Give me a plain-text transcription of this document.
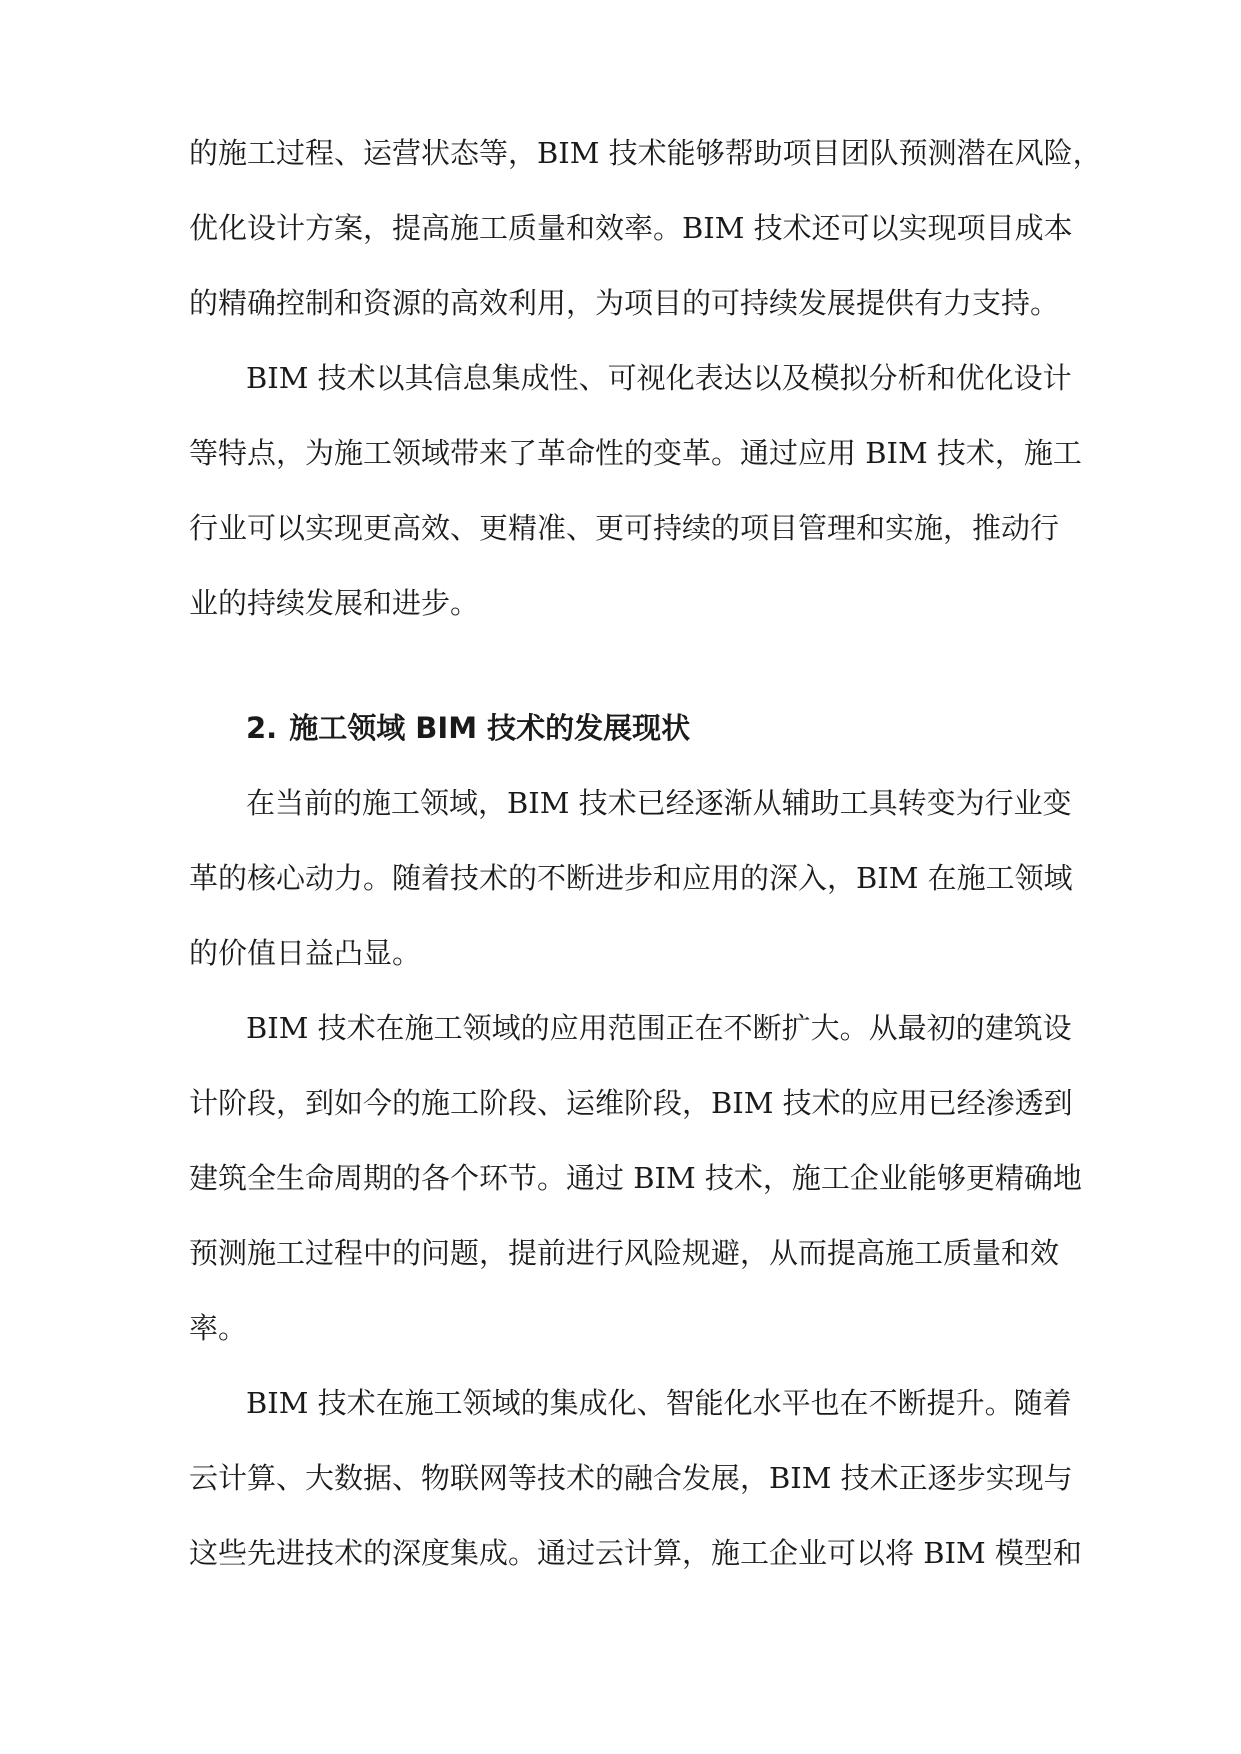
的施工过程、运营状态等，BIM 技术能够帮助项目团队预测潜在风险，
优化设计方案，提高施工质量和效率。BIM 技术还可以实现项目成本
的精确控制和资源的高效利用，为项目的可持续发展提供有力支持。
BIM 技术以其信息集成性、可视化表达以及模拟分析和优化设计
等特点，为施工领域带来了革命性的变革。通过应用 BIM 技术，施工
行业可以实现更高效、更精准、更可持续的项目管理和实施，推动行
业的持续发展和进步。
2. 施工领域 BIM 技术的发展现状
在当前的施工领域，BIM 技术已经逐渐从辅助工具转变为行业变
革的核心动力。随着技术的不断进步和应用的深入，BIM 在施工领域
的价值日益凸显。
BIM 技术在施工领域的应用范围正在不断扩大。从最初的建筑设
计阶段，到如今的施工阶段、运维阶段，BIM 技术的应用已经渗透到
建筑全生命周期的各个环节。通过 BIM 技术，施工企业能够更精确地
预测施工过程中的问题，提前进行风险规避，从而提高施工质量和效
率。
BIM 技术在施工领域的集成化、智能化水平也在不断提升。随着
云计算、大数据、物联网等技术的融合发展，BIM 技术正逐步实现与
这些先进技术的深度集成。通过云计算，施工企业可以将 BIM 模型和
